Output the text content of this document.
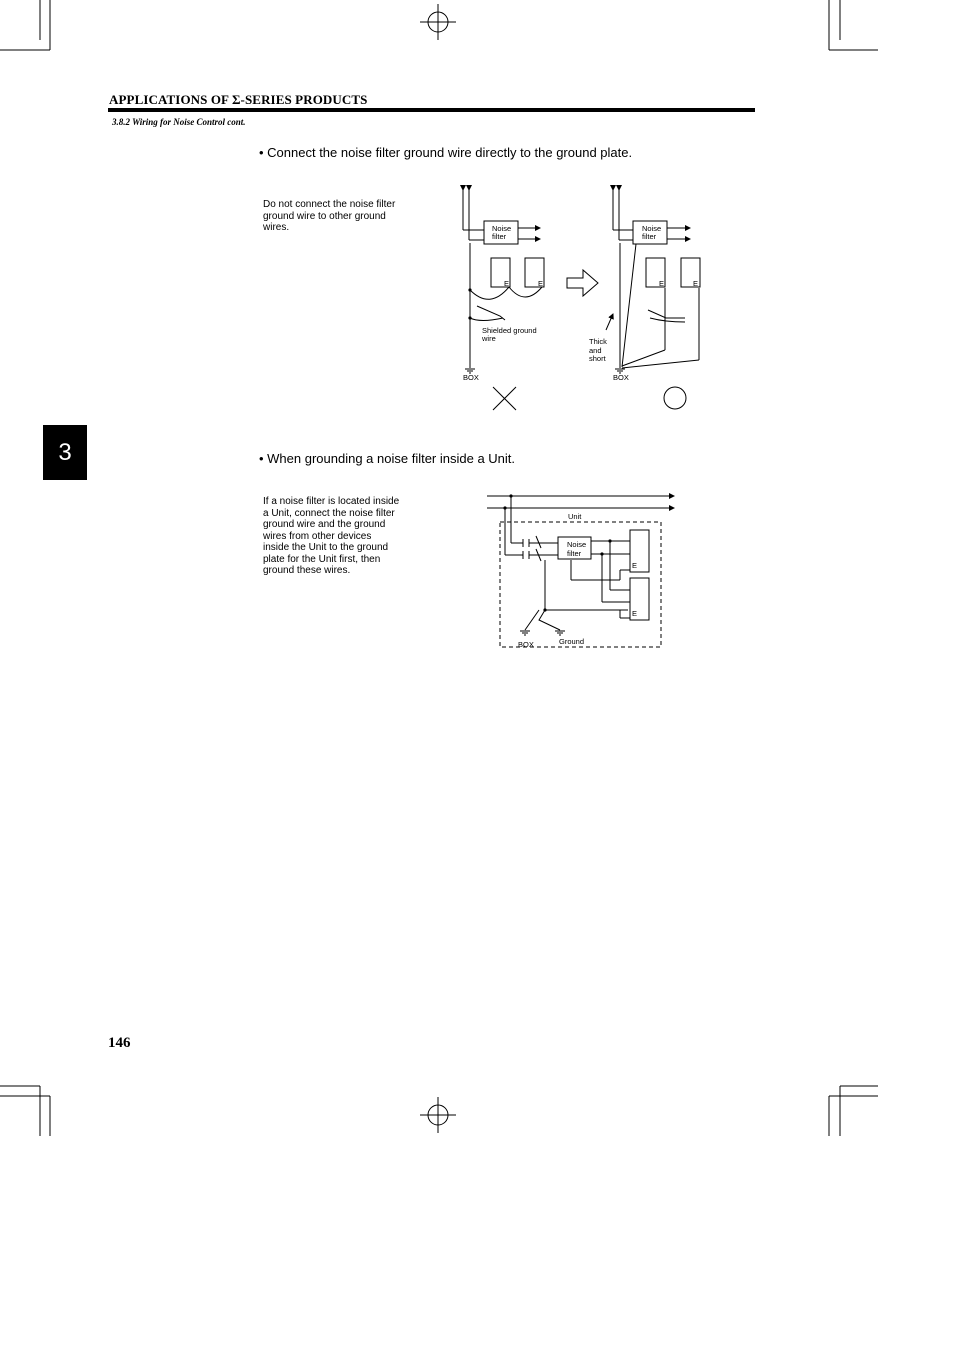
APPLICATIONS OF Σ-SERIES PRODUCTS
3.8.2 Wiring for Noise Control cont.
3
• Connect the noise filter ground wire directly to the ground plate.
Do not connect the noise filter
ground wire to other ground
wires.	Noise
filter
E	E
Shielded ground
wire
BOX
Noise
filter
E	E
Thick
and
short
BOX
• When grounding a noise filter inside a Unit.
If a noise filter is located inside
a Unit, connect the noise filter
ground wire and the ground
wires from other devices
inside the Unit to the ground
plate for the Unit first, then
ground these wires.
Unit
Noise
filter
E
E
BOX	Ground
146
